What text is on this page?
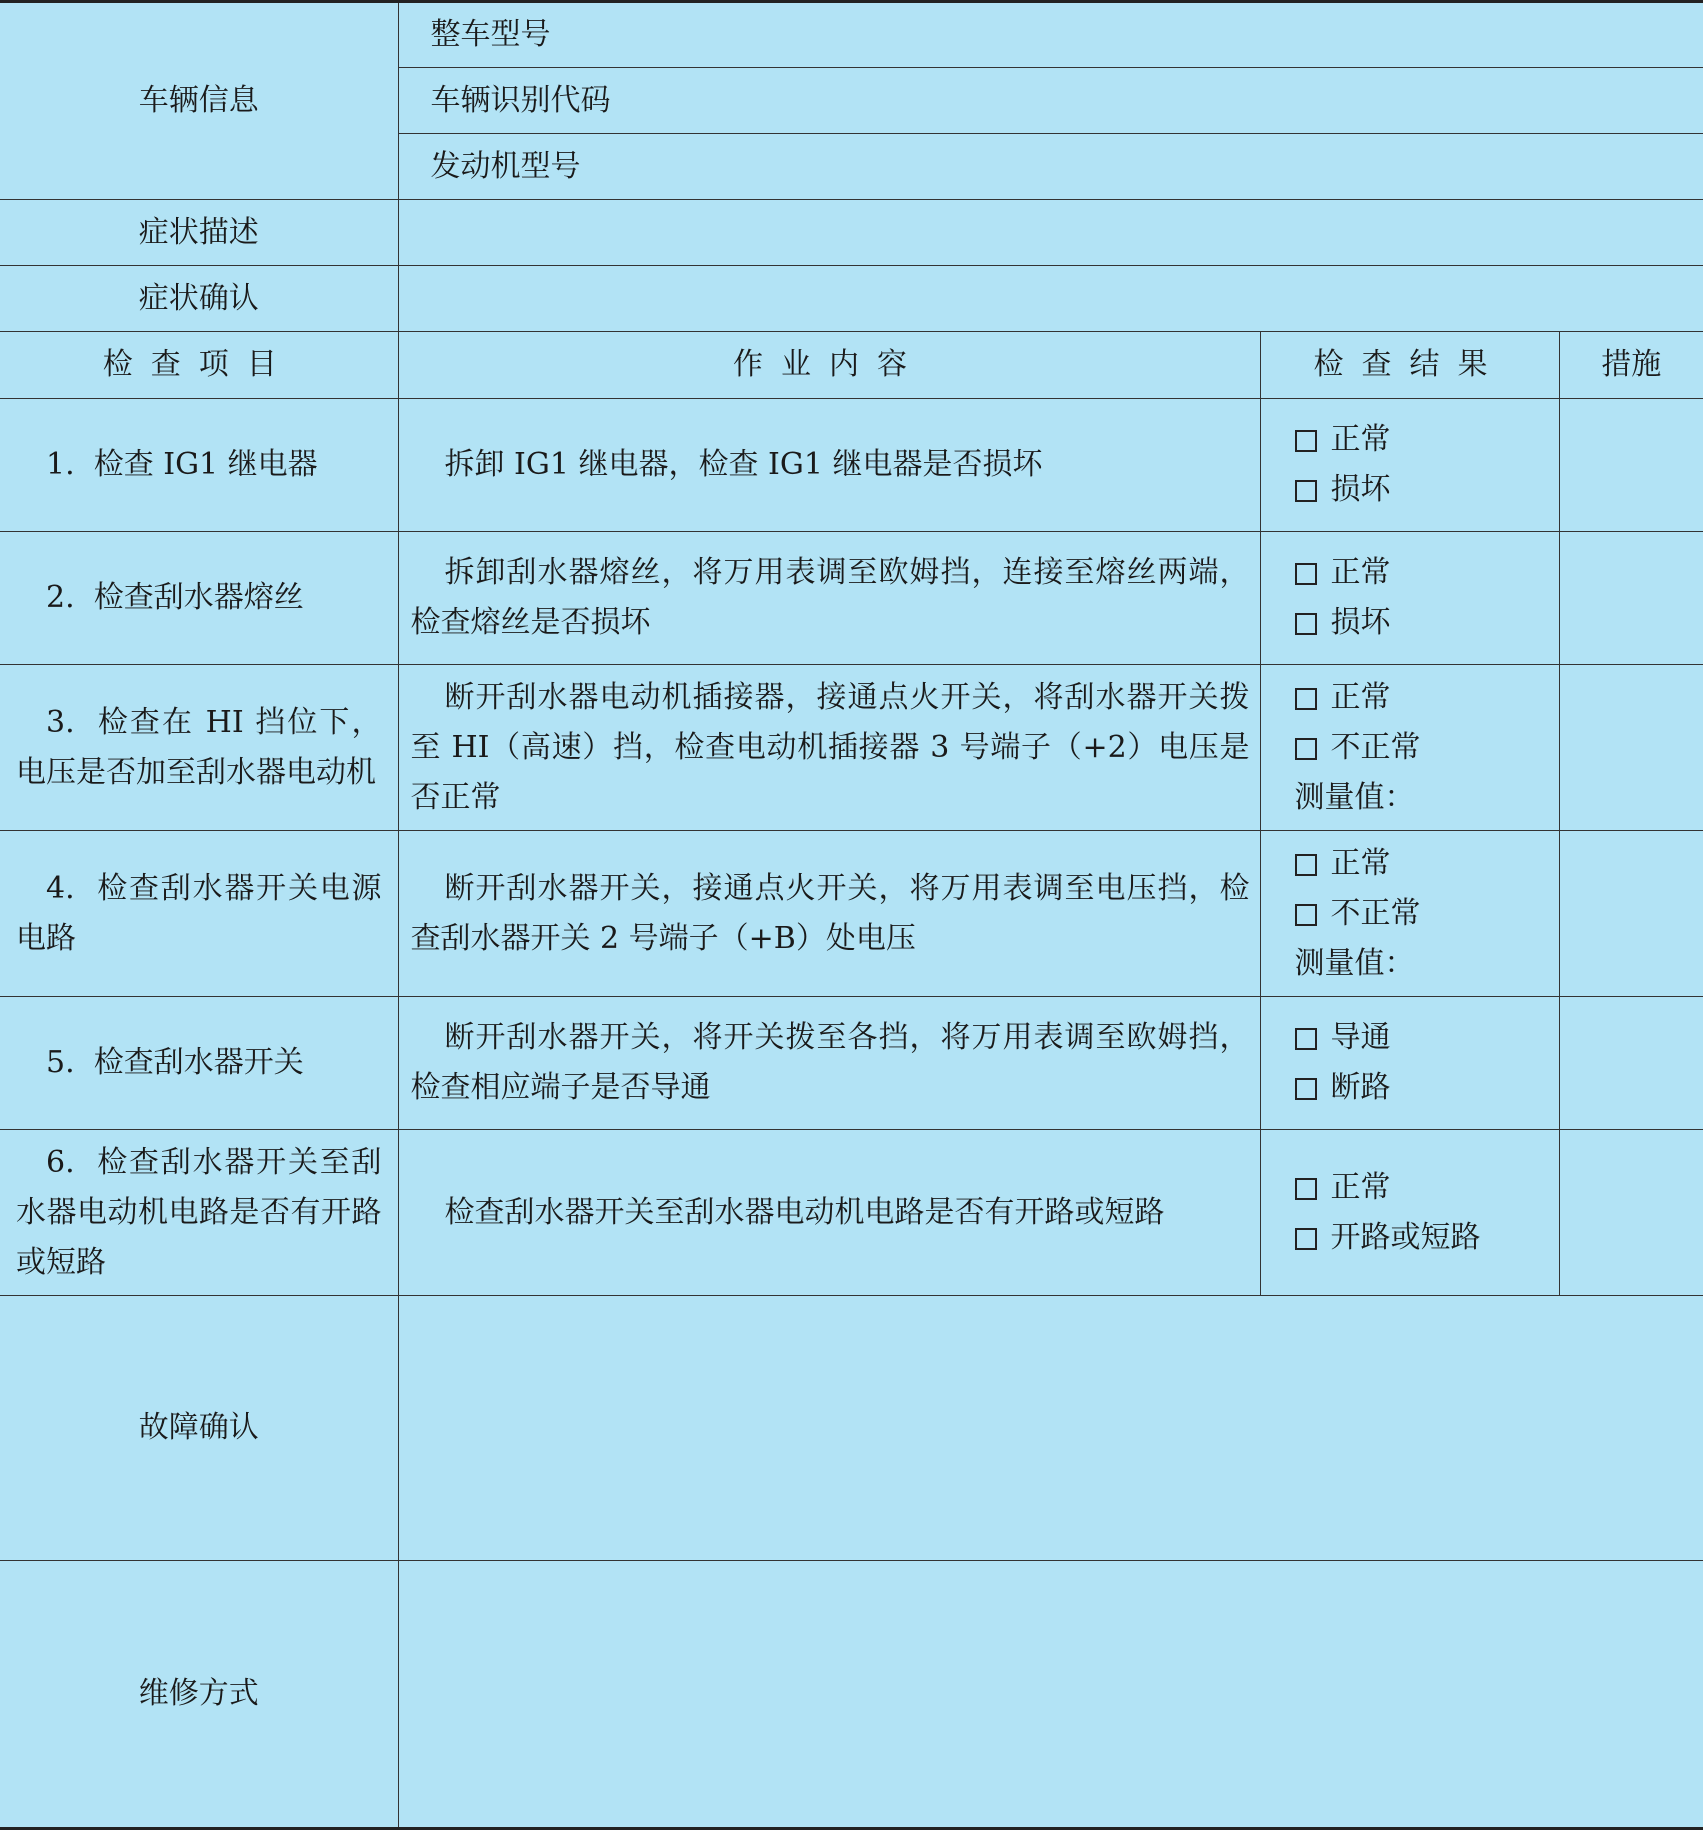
车辆信息	整车型号		
	车辆识别代码		
	发动机型号		
症状描述			
症状确认			
检查项目	作业内容	检查结果	措施
1. 检查 IG1 继电器	拆卸 IG1 继电器，检查 IG1 继电器是否损坏	正常
损坏	

2. 检查刮水器熔丝	拆卸刮水器熔丝，将万用表调至欧姆挡，连接至熔丝两端，检查熔丝是否损坏	正常
损坏	

3. 检查在 HI 挡位下，电压是否加至刮水器电动机	断开刮水器电动机插接器，接通点火开关，将刮水器开关拨至 HI（高速）挡，检查电动机插接器 3 号端子（+2）电压是否正常	正常
不正常
测量值：	

4. 检查刮水器开关电源电路	断开刮水器开关，接通点火开关，将万用表调至电压挡，检查刮水器开关 2 号端子（+B）处电压	正常
不正常
测量值：	

5. 检查刮水器开关	断开刮水器开关，将开关拨至各挡，将万用表调至欧姆挡，检查相应端子是否导通	导通
断路	

6. 检查刮水器开关至刮水器电动机电路是否有开路或短路	检查刮水器开关至刮水器电动机电路是否有开路或短路	正常
开路或短路	

故障确认			
维修方式			
